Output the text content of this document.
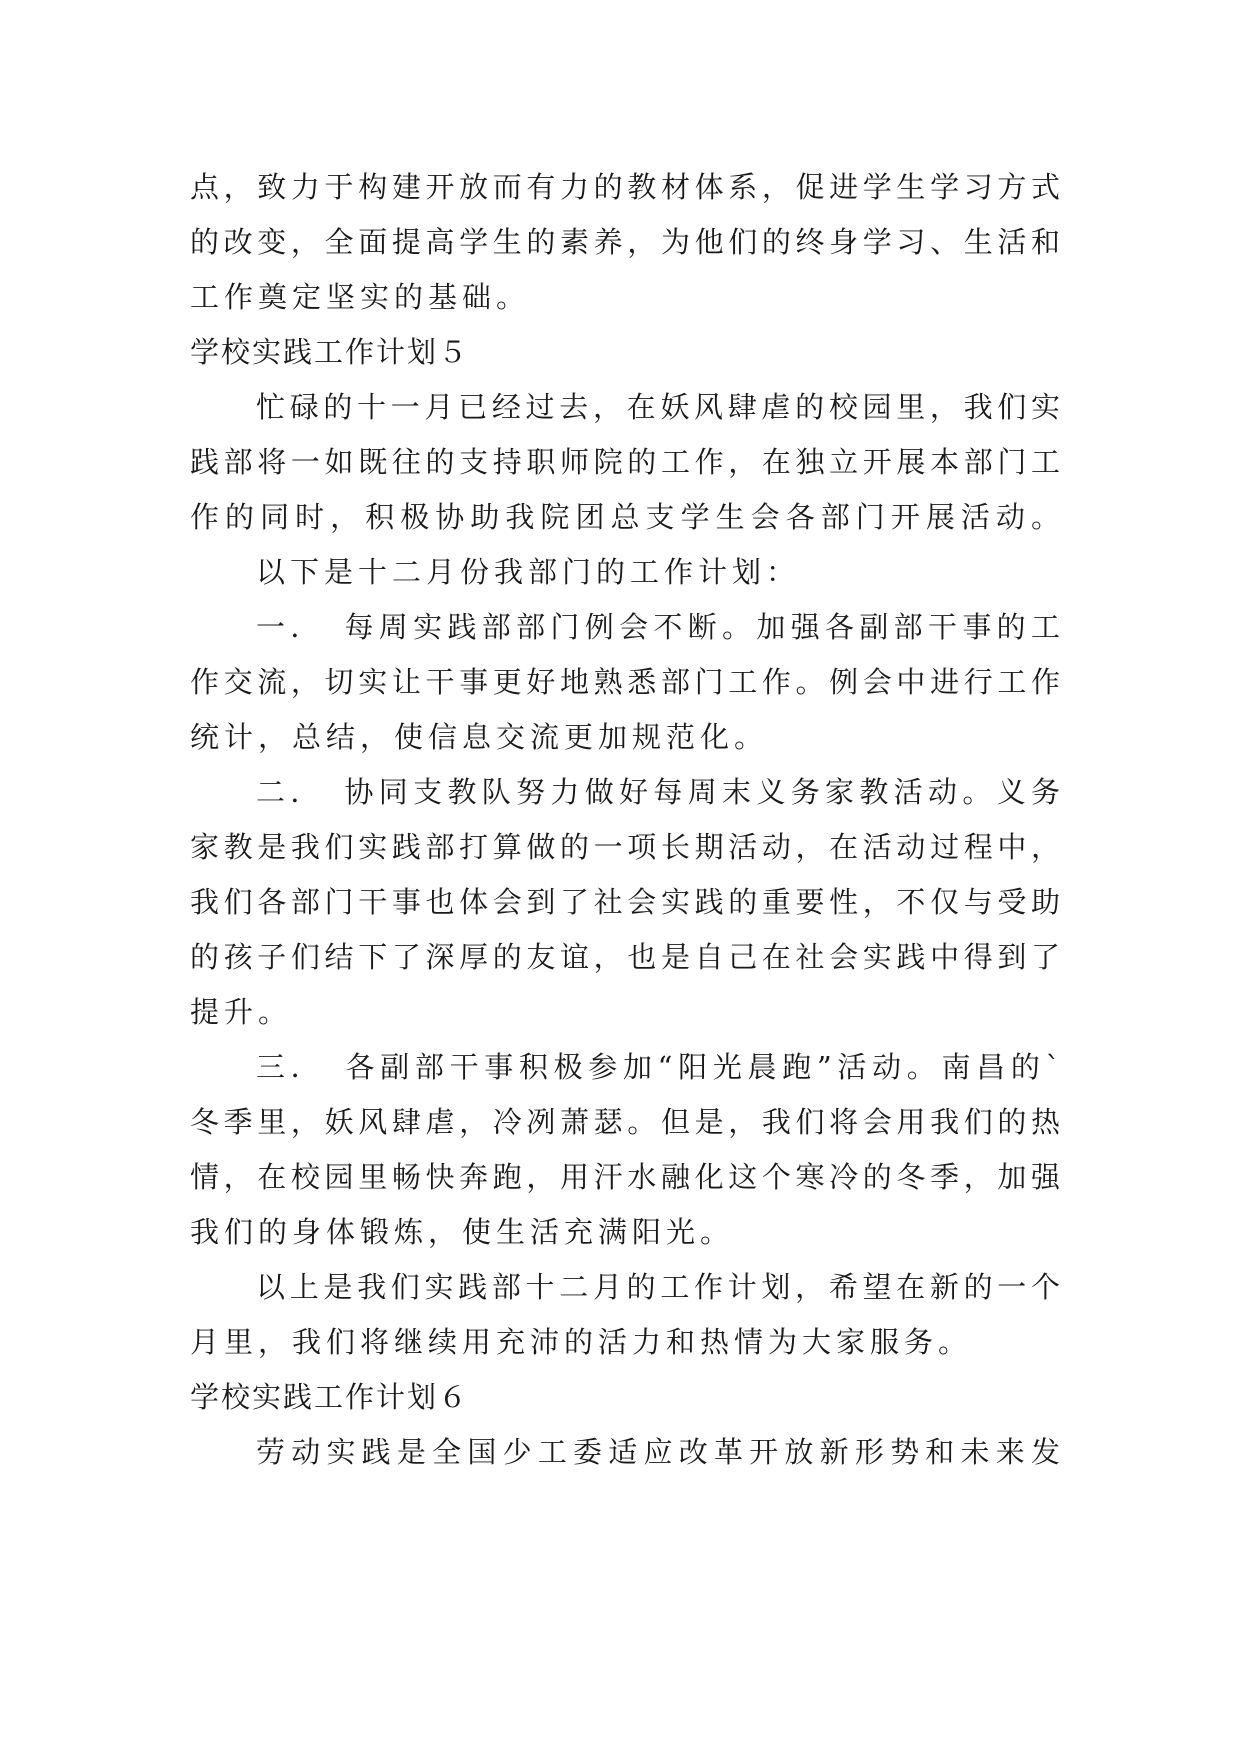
点，致力于构建开放而有力的教材体系，促进学生学习方式
的改变，全面提高学生的素养，为他们的终身学习、生活和
工作奠定坚实的基础。
学校实践工作计划５
忙碌的十一月已经过去，在妖风肆虐的校园里，我们实
践部将一如既往的支持职师院的工作，在独立开展本部门工
作的同时，积极协助我院团总支学生会各部门开展活动。
以下是十二月份我部门的工作计划：
一．　每周实践部部门例会不断。加强各副部干事的工
作交流，切实让干事更好地熟悉部门工作。例会中进行工作
统计，总结，使信息交流更加规范化。
二．　协同支教队努力做好每周末义务家教活动。义务
家教是我们实践部打算做的一项长期活动，在活动过程中，
我们各部门干事也体会到了社会实践的重要性，不仅与受助
的孩子们结下了深厚的友谊，也是自己在社会实践中得到了
提升。
三．　各副部干事积极参加“阳光晨跑”活动。南昌的`
冬季里，妖风肆虐，冷冽萧瑟。但是，我们将会用我们的热
情，在校园里畅快奔跑，用汗水融化这个寒冷的冬季，加强
我们的身体锻炼，使生活充满阳光。
以上是我们实践部十二月的工作计划，希望在新的一个
月里，我们将继续用充沛的活力和热情为大家服务。
学校实践工作计划６
劳动实践是全国少工委适应改革开放新形势和未来发
